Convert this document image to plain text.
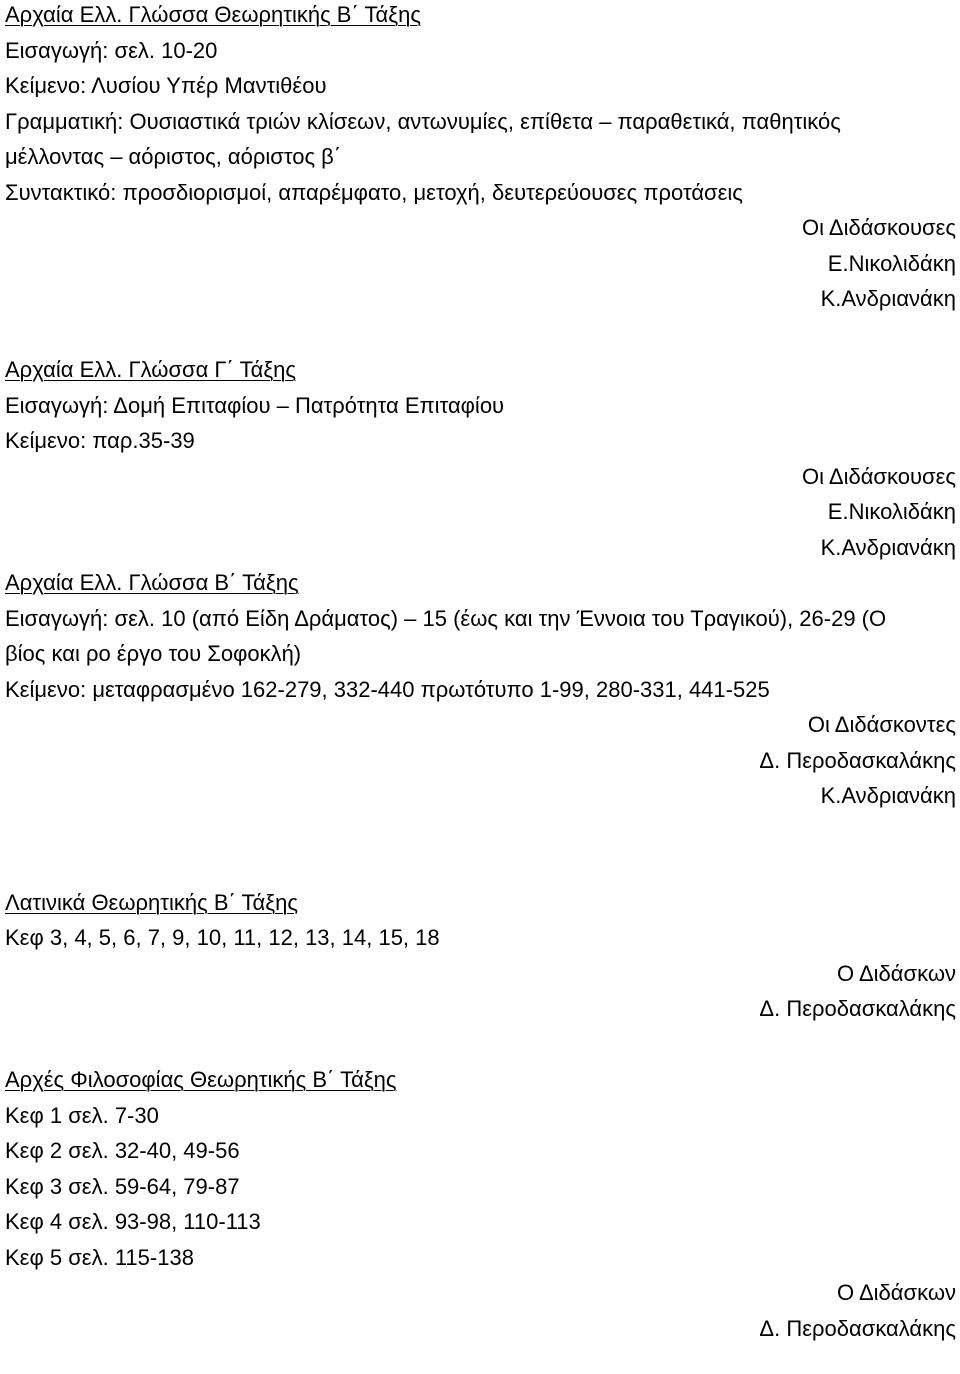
Αρχαία Ελλ. Γλώσσα Θεωρητικής Β΄ Τάξης
Εισαγωγή: σελ. 10-20
Κείμενο: Λυσίου Υπέρ Μαντιθέου
Γραμματική: Ουσιαστικά τριών κλίσεων, αντωνυμίες, επίθετα – παραθετικά, παθητικός
μέλλοντας – αόριστος, αόριστος β΄
Συντακτικό: προσδιορισμοί, απαρέμφατο, μετοχή, δευτερεύουσες προτάσεις
Οι Διδάσκουσες
Ε.Νικολιδάκη
Κ.Ανδριανάκη
Αρχαία Ελλ. Γλώσσα Γ΄ Τάξης
Εισαγωγή: Δομή Επιταφίου – Πατρότητα Επιταφίου
Κείμενο: παρ.35-39
Οι Διδάσκουσες
Ε.Νικολιδάκη
Κ.Ανδριανάκη
Αρχαία Ελλ. Γλώσσα Β΄ Τάξης
Εισαγωγή: σελ. 10 (από Είδη Δράματος) – 15 (έως και την Έννοια του Τραγικού), 26-29 (Ο
βίος και ρο έργο του Σοφοκλή)
Κείμενο: μεταφρασμένο 162-279, 332-440 πρωτότυπο 1-99, 280-331, 441-525
Οι Διδάσκοντες
Δ. Περοδασκαλάκης
Κ.Ανδριανάκη
Λατινικά Θεωρητικής Β΄ Τάξης
Κεφ 3, 4, 5, 6, 7, 9, 10, 11, 12, 13, 14, 15, 18
Ο Διδάσκων
Δ. Περοδασκαλάκης
Αρχές Φιλοσοφίας Θεωρητικής Β΄ Τάξης
Κεφ 1 σελ. 7-30
Κεφ 2 σελ. 32-40, 49-56
Κεφ 3 σελ. 59-64, 79-87
Κεφ 4 σελ. 93-98, 110-113
Κεφ 5 σελ. 115-138
Ο Διδάσκων
Δ. Περοδασκαλάκης
